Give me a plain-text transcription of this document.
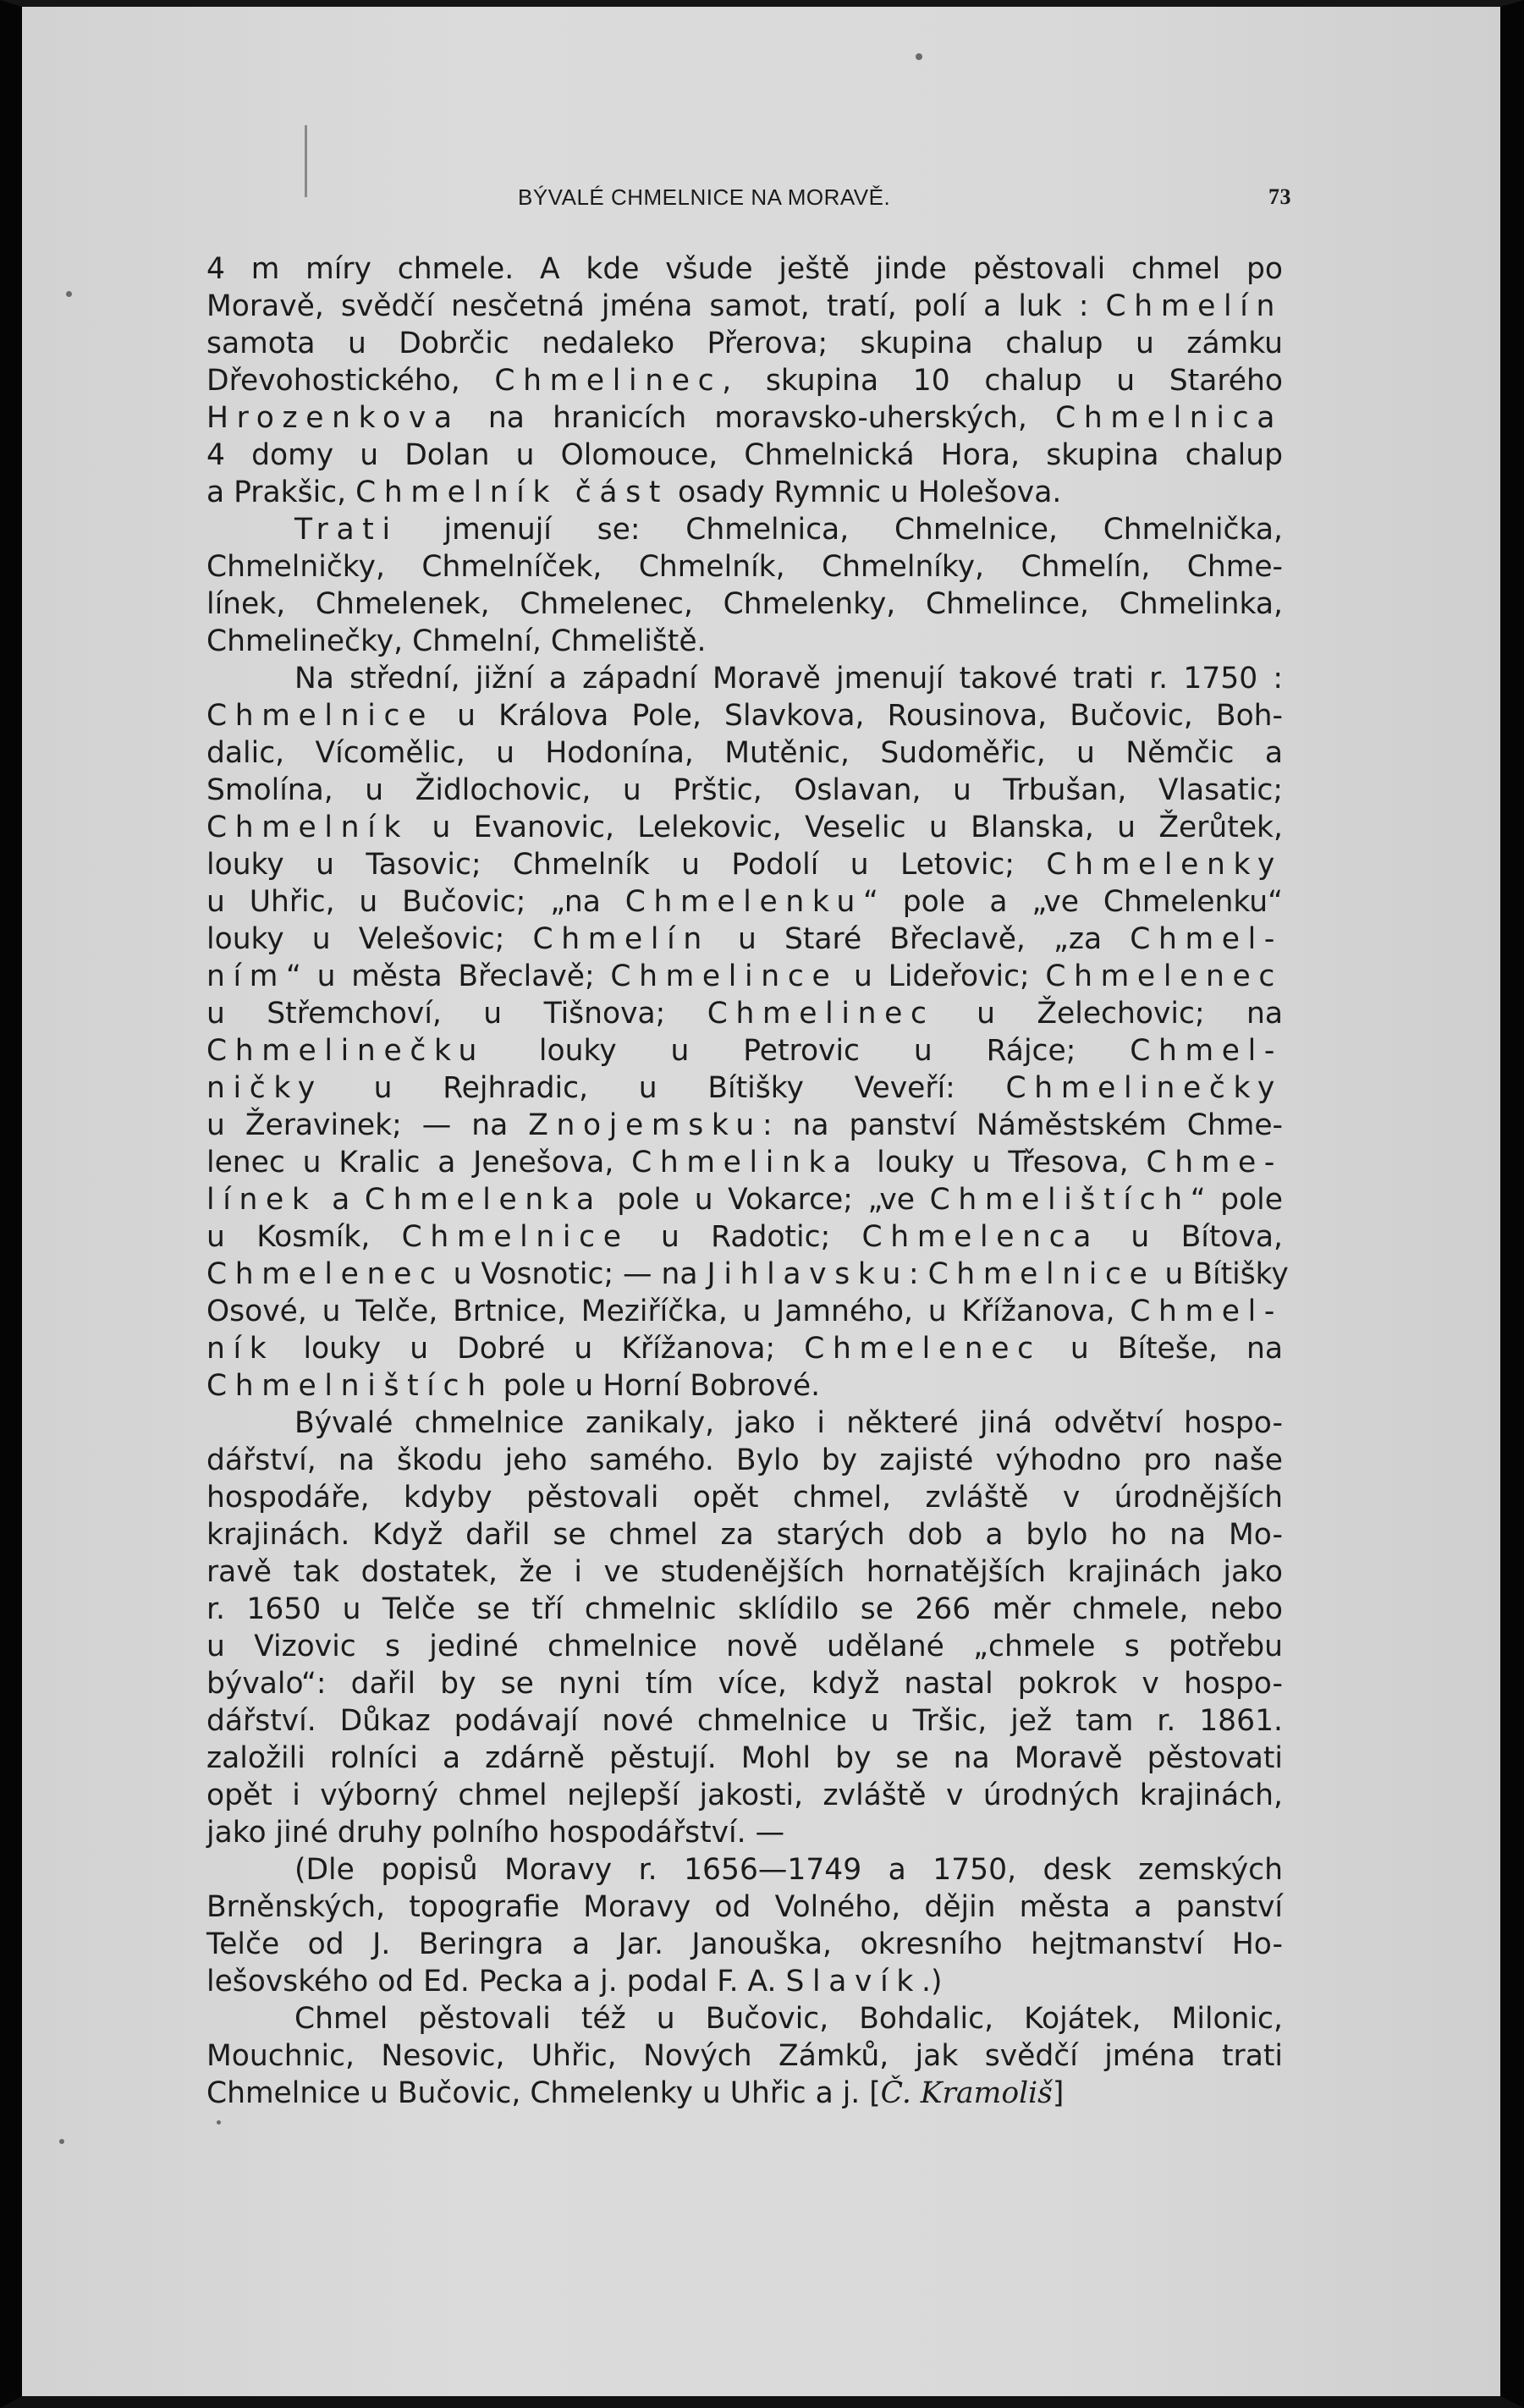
BÝVALÉ CHMELNICE NA MORAVĚ.	73
4 m míry chmele. A kde všude ještě jinde pěstovali chmel po
Moravě, svědčí nesčetná jména samot, tratí, polí a luk : Chmelín
samota u Dobrčic nedaleko Přerova; skupina chalup u zámku
Dřevohostického, Chmelinec, skupina 10 chalup u Starého
Hrozenkova na hranicích moravsko-uherských, Chmelnica
4 domy u Dolan u Olomouce, Chmelnická Hora, skupina chalup
a Prakšic, Chmelník část osady Rymnic u Holešova.
Trati jmenují se: Chmelnica, Chmelnice, Chmelnička,
Chmelničky, Chmelníček, Chmelník, Chmelníky, Chmelín, Chme-
línek, Chmelenek, Chmelenec, Chmelenky, Chmelince, Chmelinka,
Chmelinečky, Chmelní, Chmeliště.
Na střední, jižní a západní Moravě jmenují takové trati r. 1750 :
Chmelnice u Králova Pole, Slavkova, Rousinova, Bučovic, Boh-
dalic, Vícomělic, u Hodonína, Mutěnic, Sudoměřic, u Němčic a
Smolína, u Židlochovic, u Prštic, Oslavan, u Trbušan, Vlasatic;
Chmelník u Evanovic, Lelekovic, Veselic u Blanska, u Žerůtek,
louky u Tasovic; Chmelník u Podolí u Letovic; Chmelenky
u Uhřic, u Bučovic; „na Chmelenku“ pole a „ve Chmelenku“
louky u Velešovic; Chmelín u Staré Břeclavě, „za Chmel-
ním“ u města Břeclavě; Chmelince u Lideřovic; Chmelenec
u Střemchoví, u Tišnova; Chmelinec u Želechovic; na
Chmelinečku louky u Petrovic u Rájce; Chmel-
ničky u Rejhradic, u Bítišky Veveří: Chmelinečky
u Žeravinek; — na Znojemsku: na panství Náměstském Chme-
lenec u Kralic a Jenešova, Chmelinka louky u Třesova, Chme-
línek a Chmelenka pole u Vokarce; „ve Chmelištích“ pole
u Kosmík, Chmelnice u Radotic; Chmelenca u Bítova,
Chmelenec u Vosnotic; — na Jihlavsku: Chmelnice u Bítišky
Osové, u Telče, Brtnice, Meziříčka, u Jamného, u Křížanova, Chmel-
ník louky u Dobré u Křížanova; Chmelenec u Bíteše, na
Chmelništích pole u Horní Bobrové.
Bývalé chmelnice zanikaly, jako i některé jiná odvětví hospo-
dářství, na škodu jeho samého. Bylo by zajisté výhodno pro naše
hospodáře, kdyby pěstovali opět chmel, zvláště v úrodnějších
krajinách. Když dařil se chmel za starých dob a bylo ho na Mo-
ravě tak dostatek, že i ve studenějších hornatějších krajinách jako
r. 1650 u Telče se tří chmelnic sklídilo se 266 měr chmele, nebo
u Vizovic s jediné chmelnice nově udělané „chmele s potřebu
bývalo“: dařil by se nyni tím více, když nastal pokrok v hospo-
dářství. Důkaz podávají nové chmelnice u Tršic, jež tam r. 1861.
založili rolníci a zdárně pěstují. Mohl by se na Moravě pěstovati
opět i výborný chmel nejlepší jakosti, zvláště v úrodných krajinách,
jako jiné druhy polního hospodářství. —
(Dle popisů Moravy r. 1656—1749 a 1750, desk zemských
Brněnských, topografie Moravy od Volného, dějin města a panství
Telče od J. Beringra a Jar. Janouška, okresního hejtmanství Ho-
lešovského od Ed. Pecka a j. podal F. A. Slavík.)
Chmel pěstovali též u Bučovic, Bohdalic, Kojátek, Milonic,
Mouchnic, Nesovic, Uhřic, Nových Zámků, jak svědčí jména trati
Chmelnice u Bučovic, Chmelenky u Uhřic a j. [Č. Kramoliš]
